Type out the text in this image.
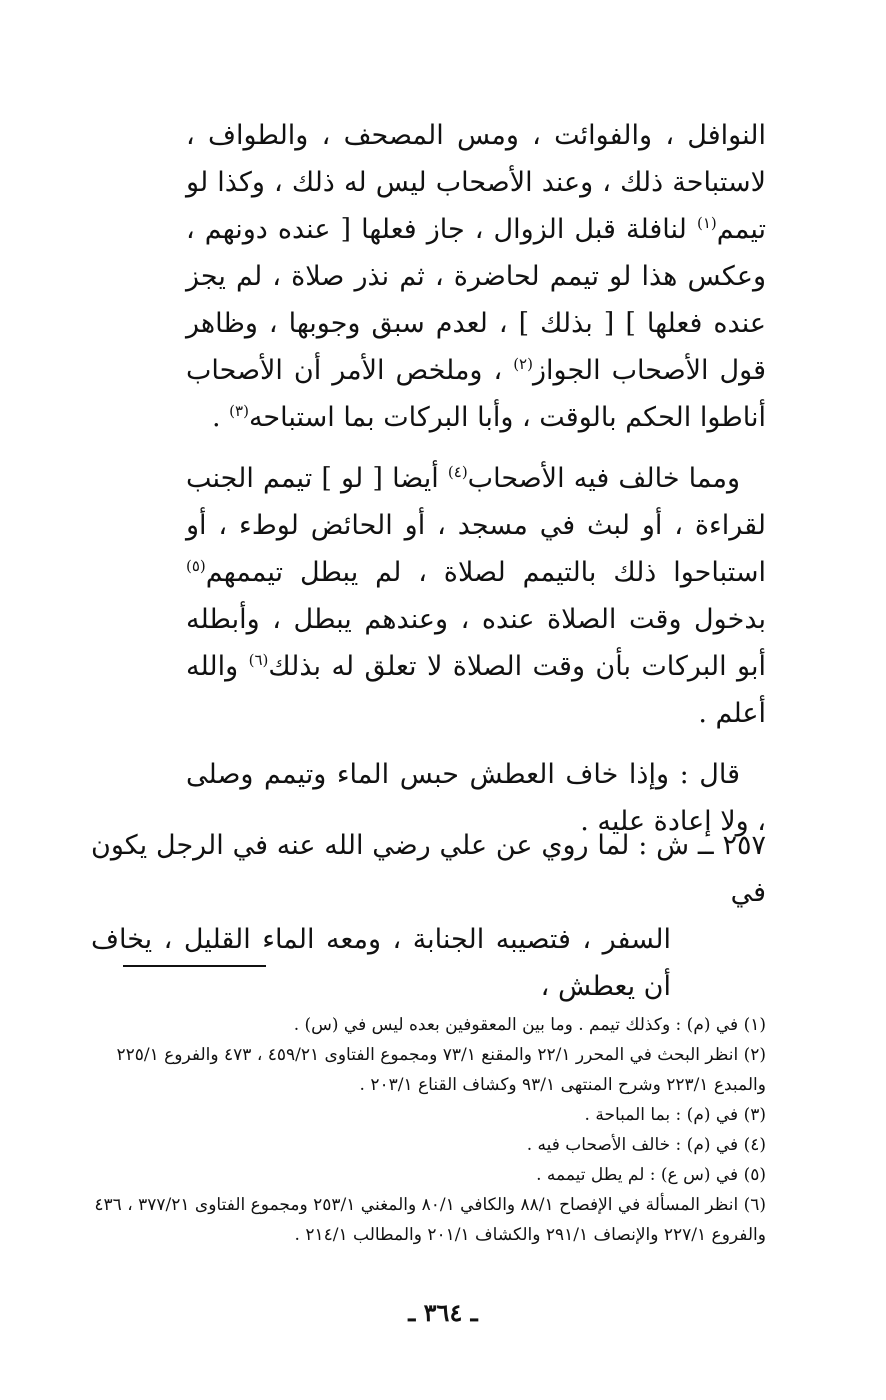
النوافل ، والفوائت ، ومس المصحف ، والطواف ، لاستباحة ذلك ، وعند الأصحاب ليس له ذلك ، وكذا لو تيمم$^{(١)}$ لنافلة قبل الزوال ، جاز فعلها [ عنده دونهم ، وعكس هذا لو تيمم لحاضرة ، ثم نذر صلاة ، لم يجز عنده فعلها ] [ بذلك ] ، لعدم سبق وجوبها ، وظاهر قول الأصحاب الجواز$^{(٢)}$ ، وملخص الأمر أن الأصحاب أناطوا الحكم بالوقت ، وأبا البركات بما استباحه$^{(٣)}$ .

ومما خالف فيه الأصحاب$^{(٤)}$ أيضا [ لو ] تيمم الجنب لقراءة ، أو لبث في مسجد ، أو الحائض لوطء ، أو استباحوا ذلك بالتيمم لصلاة ، لم يبطل تيممهم$^{(٥)}$ بدخول وقت الصلاة عنده ، وعندهم يبطل ، وأبطله أبو البركات بأن وقت الصلاة لا تعلق له بذلك$^{(٦)}$ والله أعلم .

قال : وإذا خاف العطش حبس الماء وتيمم وصلى ، ولا إعادة عليه .

٢٥٧ ــ ش : لما روي عن علي رضي الله عنه في الرجل يكون في
السفر ، فتصيبه الجنابة ، ومعه الماء القليل ، يخاف أن يعطش ،

(١) في (م) : وكذلك تيمم . وما بين المعقوفين بعده ليس في (س) .

(٢) انظر البحث في المحرر ٢٢/١ والمقنع ٧٣/١ ومجموع الفتاوى ٤٥٩/٢١ ، ٤٧٣ والفروع ٢٢٥/١ والمبدع ٢٢٣/١ وشرح المنتهى ٩٣/١ وكشاف القناع ٢٠٣/١ .

(٣) في (م) : بما المباحة .

(٤) في (م) : خالف الأصحاب فيه .

(٥) في (س ع) : لم يطل تيممه .

(٦) انظر المسألة في الإفصاح ٨٨/١ والكافي ٨٠/١ والمغني ٢٥٣/١ ومجموع الفتاوى ٣٧٧/٢١ ، ٤٣٦ والفروع ٢٢٧/١ والإنصاف ٢٩١/١ والكشاف ٢٠١/١ والمطالب ٢١٤/١ .

ـ ٣٦٤ ـ
